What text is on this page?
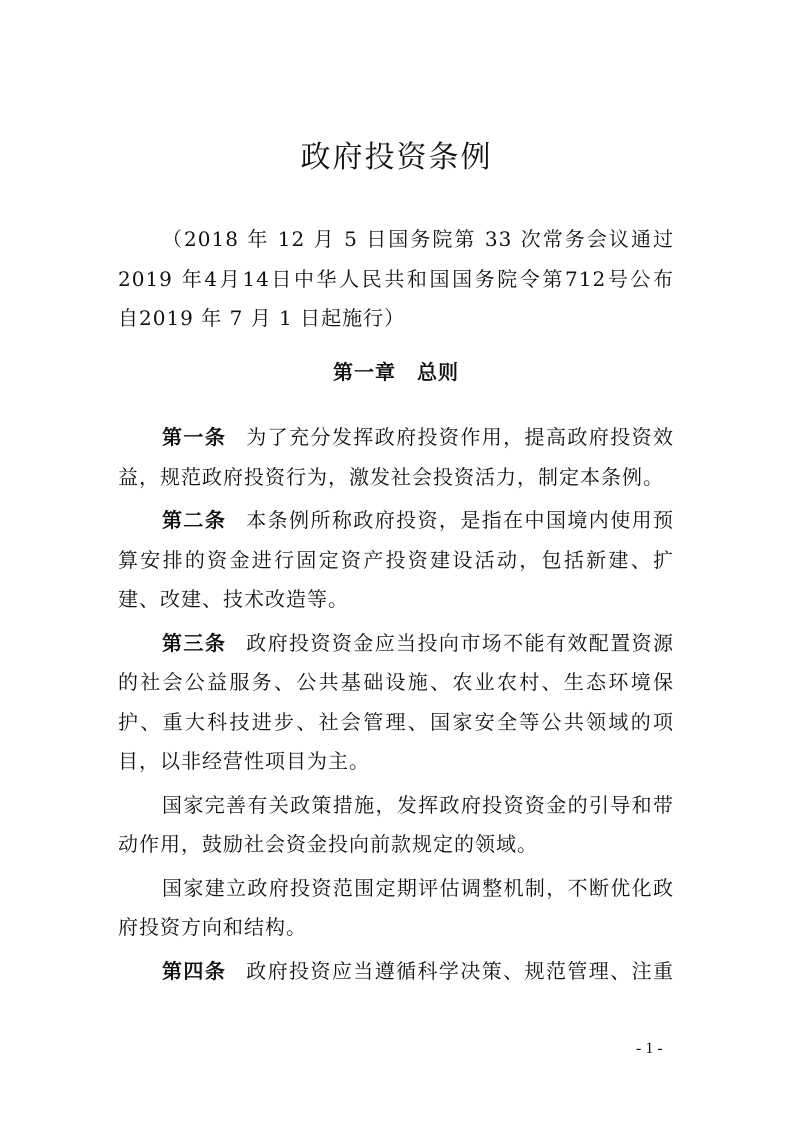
政府投资条例

（2018 年 12 月 5 日国务院第 33 次常务会议通过　2019 年4月14日中华人民共和国国务院令第712号公布　自2019 年 7 月 1 日起施行）

第一章　总则

第一条 为了充分发挥政府投资作用，提高政府投资效益，规范政府投资行为，激发社会投资活力，制定本条例。

第二条 本条例所称政府投资，是指在中国境内使用预算安排的资金进行固定资产投资建设活动，包括新建、扩建、改建、技术改造等。

第三条 政府投资资金应当投向市场不能有效配置资源的社会公益服务、公共基础设施、农业农村、生态环境保护、重大科技进步、社会管理、国家安全等公共领域的项目，以非经营性项目为主。

国家完善有关政策措施，发挥政府投资资金的引导和带动作用，鼓励社会资金投向前款规定的领域。

国家建立政府投资范围定期评估调整机制，不断优化政府投资方向和结构。

第四条 政府投资应当遵循科学决策、规范管理、注重

- 1 -
